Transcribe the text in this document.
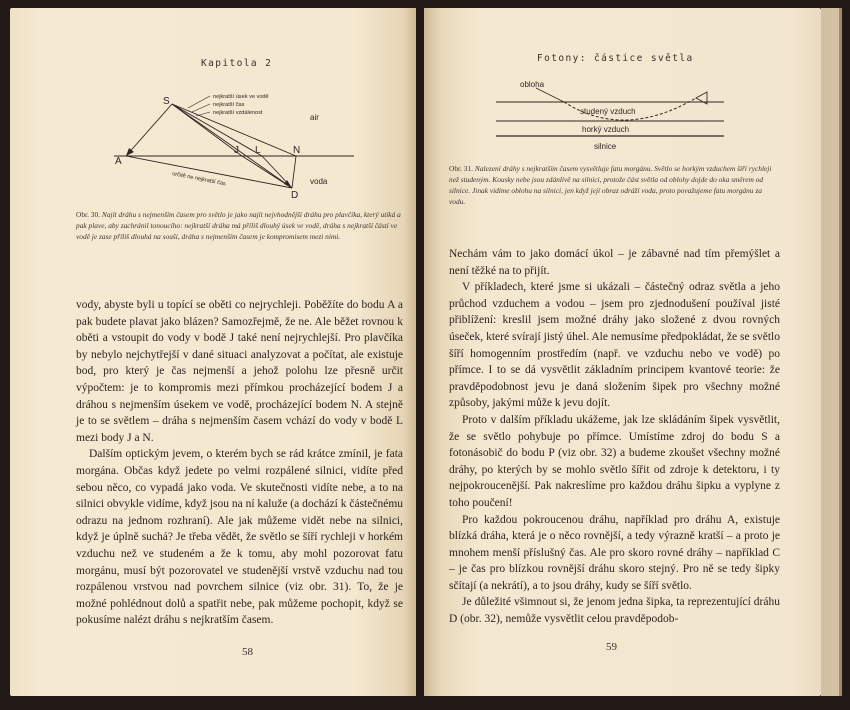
Kapitola 2
S
A
J L	N
D
air
voda
nejkratší úsek ve vodě
nejkratší čas
nejkratší vzdálenost
určitě ne nejkratší čas
Obr. 30. Najít dráhu s nejmenším časem pro světlo je jako najít nejvhodnější dráhu pro plavčíka, který utíká a pak plave, aby zachránil tonoucího: nejkratší dráha má příliš dlouhý úsek ve vodě, dráha s nejkratší částí ve vodě je zase příliš dlouhá na souši, dráha s nejmenším časem je kompromisem mezi nimi.

vody, abyste byli u topící se oběti co nejrychleji. Poběžíte do bodu A a pak budete plavat jako blázen? Samozřejmě, že ne. Ale běžet rovnou k oběti a vstoupit do vody v bodě J také není nejrychlejší. Pro plavčíka by nebylo nejchytřejší v dané situaci analyzovat a počítat, ale existuje bod, pro který je čas nejmenší a jehož polohu lze přesně určit výpočtem: je to kompromis mezi přímkou procházející bodem J a dráhou s nejmenším úsekem ve vodě, procházející bodem N. A stejně je to se světlem – dráha s nejmenším časem vchází do vody v bodě L mezi body J a N.

Dalším optickým jevem, o kterém bych se rád krátce zmínil, je fata morgána. Občas když jedete po velmi rozpálené silnici, vidíte před sebou něco, co vypadá jako voda. Ve skutečnosti vidíte nebe, a to na silnici obvykle vidíme, když jsou na ní kaluže (a dochází k částečnému odrazu na jednom rozhraní). Ale jak můžeme vidět nebe na silnici, když je úplně suchá? Je třeba vědět, že světlo se šíří rychleji v horkém vzduchu než ve studeném a že k tomu, aby mohl pozorovat fatu morgánu, musí být pozorovatel ve studenější vrstvě vzduchu nad tou rozpálenou vrstvou nad povrchem silnice (viz obr. 31). To, že je možné pohlédnout dolů a spatřit nebe, pak můžeme pochopit, když se pokusíme nalézt dráhu s nejkratším časem.

58
Fotony: částice světla
obloha
studený vzduch
horký vzduch
silnice
Obr. 31. Nalezení dráhy s nejkratším časem vysvětluje fatu morgánu. Světlo se horkým vzduchem šíří rychleji než studeným. Kousky nebe jsou zdánlivě na silnici, protože část světla od oblohy dojde do oka směrem od silnice. Jinak vidíme oblohu na silnici, jen když její obraz odráží voda, proto považujeme fatu morgánu za vodu.

Nechám vám to jako domácí úkol – je zábavné nad tím přemýšlet a není těžké na to přijít.

V příkladech, které jsme si ukázali – částečný odraz světla a jeho průchod vzduchem a vodou – jsem pro zjednodušení používal jisté přiblížení: kreslil jsem možné dráhy jako složené z dvou rovných úseček, které svírají jistý úhel. Ale nemusíme předpokládat, že se světlo šíří homogenním prostředím (např. ve vzduchu nebo ve vodě) po přímce. I to se dá vysvětlit základním principem kvantové teorie: že pravděpodobnost jevu je daná složením šipek pro všechny možné způsoby, jakými může k jevu dojít.

Proto v dalším příkladu ukážeme, jak lze skládáním šipek vysvětlit, že se světlo pohybuje po přímce. Umístíme zdroj do bodu S a fotonásobič do bodu P (viz obr. 32) a budeme zkoušet všechny možné dráhy, po kterých by se mohlo světlo šířit od zdroje k detektoru, i ty nejpokroucenější. Pak nakreslíme pro každou dráhu šipku a vyplyne z toho poučení!

Pro každou pokroucenou dráhu, například pro dráhu A, existuje blízká dráha, která je o něco rovnější, a tedy výrazně kratší – a proto je mnohem menší příslušný čas. Ale pro skoro rovné dráhy – například C – je čas pro blízkou rovnější dráhu skoro stejný. Pro ně se tedy šipky sčítají (a nekrátí), a to jsou dráhy, kudy se šíří světlo.

Je důležité všimnout si, že jenom jedna šipka, ta reprezentující dráhu D (obr. 32), nemůže vysvětlit celou pravděpodob-

59
